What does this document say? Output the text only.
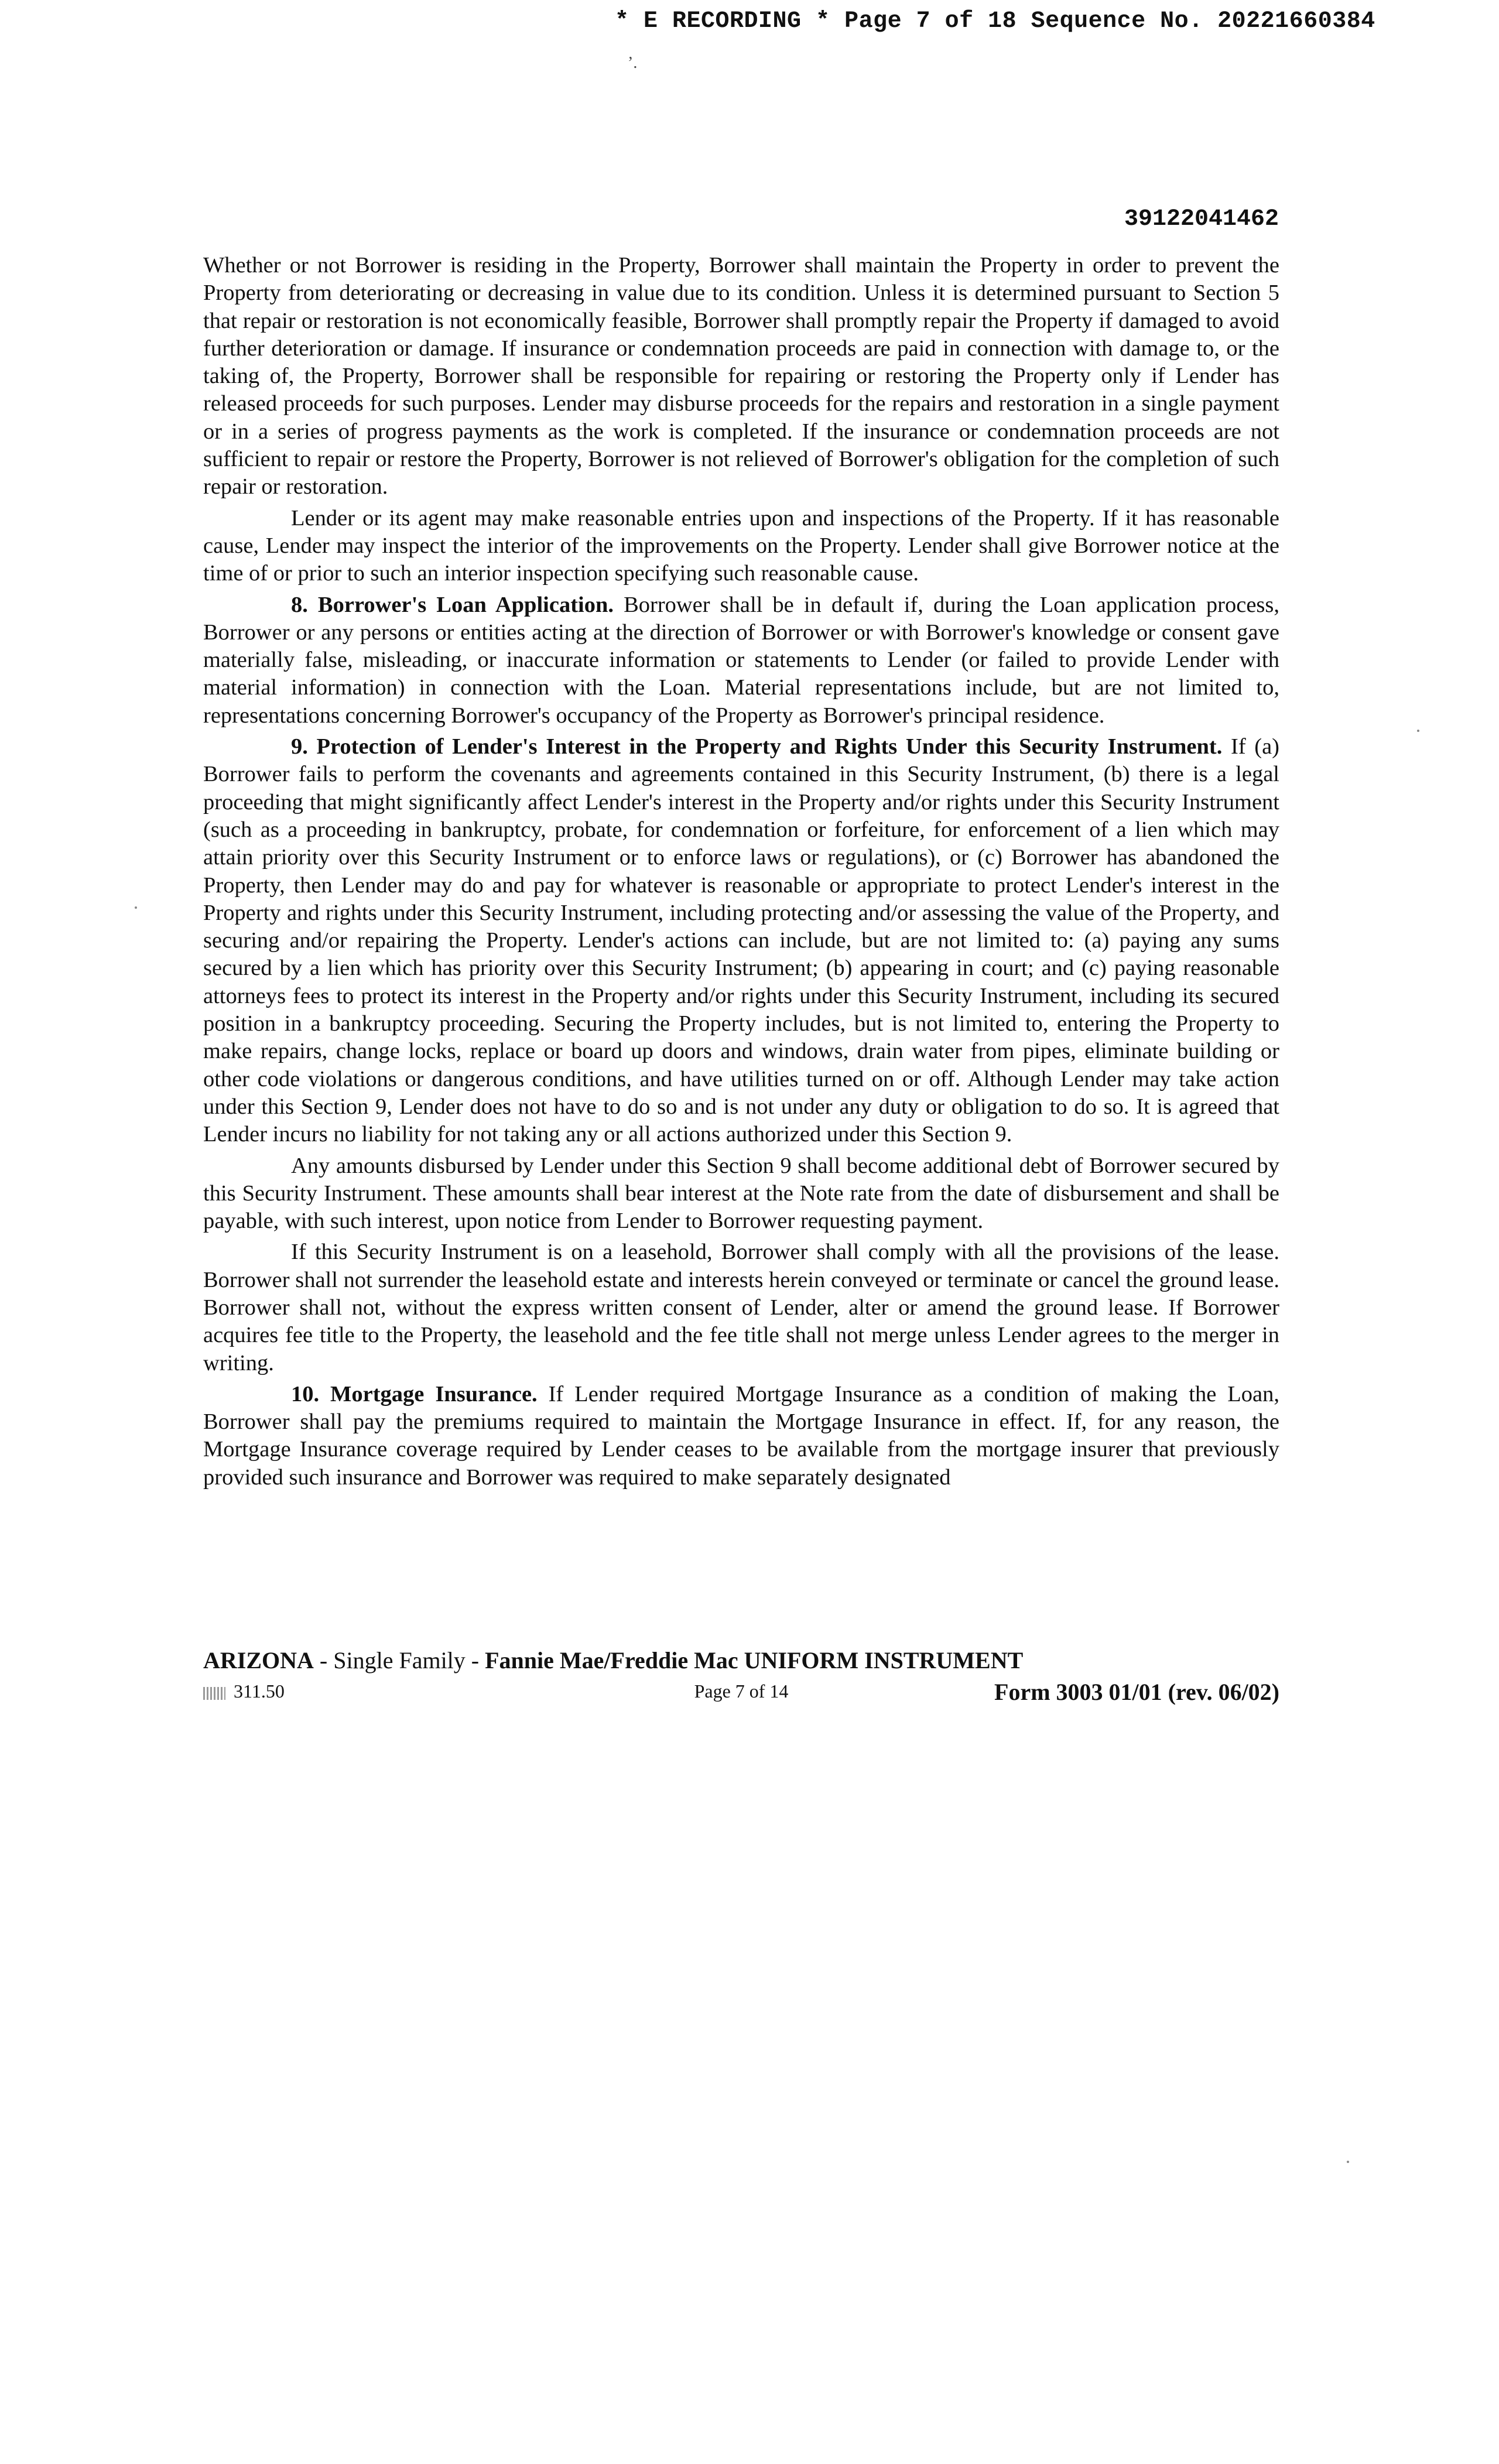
* E RECORDING * Page 7 of 18 Sequence No. 20221660384
’.
39122041462

Whether or not Borrower is residing in the Property, Borrower shall maintain the Property in order to prevent the Property from deteriorating or decreasing in value due to its condition. Unless it is determined pursuant to Section 5 that repair or restoration is not economically feasible, Borrower shall promptly repair the Property if damaged to avoid further deterioration or damage. If insurance or condemnation proceeds are paid in connection with damage to, or the taking of, the Property, Borrower shall be responsible for repairing or restoring the Property only if Lender has released proceeds for such purposes. Lender may disburse proceeds for the repairs and restoration in a single payment or in a series of progress payments as the work is completed. If the insurance or condemnation proceeds are not sufficient to repair or restore the Property, Borrower is not relieved of Borrower's obligation for the completion of such repair or restoration.

Lender or its agent may make reasonable entries upon and inspections of the Property. If it has reasonable cause, Lender may inspect the interior of the improvements on the Property. Lender shall give Borrower notice at the time of or prior to such an interior inspection specifying such reasonable cause.

8. Borrower's Loan Application. Borrower shall be in default if, during the Loan application process, Borrower or any persons or entities acting at the direction of Borrower or with Borrower's knowledge or consent gave materially false, misleading, or inaccurate information or statements to Lender (or failed to provide Lender with material information) in connection with the Loan. Material representations include, but are not limited to, representations concerning Borrower's occupancy of the Property as Borrower's principal residence.

9. Protection of Lender's Interest in the Property and Rights Under this Security Instrument. If (a) Borrower fails to perform the covenants and agreements contained in this Security Instrument, (b) there is a legal proceeding that might significantly affect Lender's interest in the Property and/or rights under this Security Instrument (such as a proceeding in bankruptcy, probate, for condemnation or forfeiture, for enforcement of a lien which may attain priority over this Security Instrument or to enforce laws or regulations), or (c) Borrower has abandoned the Property, then Lender may do and pay for whatever is reasonable or appropriate to protect Lender's interest in the Property and rights under this Security Instrument, including protecting and/or assessing the value of the Property, and securing and/or repairing the Property. Lender's actions can include, but are not limited to: (a) paying any sums secured by a lien which has priority over this Security Instrument; (b) appearing in court; and (c) paying reasonable attorneys fees to protect its interest in the Property and/or rights under this Security Instrument, including its secured position in a bankruptcy proceeding. Securing the Property includes, but is not limited to, entering the Property to make repairs, change locks, replace or board up doors and windows, drain water from pipes, eliminate building or other code violations or dangerous conditions, and have utilities turned on or off. Although Lender may take action under this Section 9, Lender does not have to do so and is not under any duty or obligation to do so. It is agreed that Lender incurs no liability for not taking any or all actions authorized under this Section 9.

Any amounts disbursed by Lender under this Section 9 shall become additional debt of Borrower secured by this Security Instrument. These amounts shall bear interest at the Note rate from the date of disbursement and shall be payable, with such interest, upon notice from Lender to Borrower requesting payment.

If this Security Instrument is on a leasehold, Borrower shall comply with all the provisions of the lease. Borrower shall not surrender the leasehold estate and interests herein conveyed or terminate or cancel the ground lease. Borrower shall not, without the express written consent of Lender, alter or amend the ground lease. If Borrower acquires fee title to the Property, the leasehold and the fee title shall not merge unless Lender agrees to the merger in writing.

10. Mortgage Insurance. If Lender required Mortgage Insurance as a condition of making the Loan, Borrower shall pay the premiums required to maintain the Mortgage Insurance in effect. If, for any reason, the Mortgage Insurance coverage required by Lender ceases to be available from the mortgage insurer that previously provided such insurance and Borrower was required to make separately designated

ARIZONA - Single Family - Fannie Mae/Freddie Mac UNIFORM INSTRUMENT
311.50	Page 7 of 14	Form 3003 01/01 (rev. 06/02)
